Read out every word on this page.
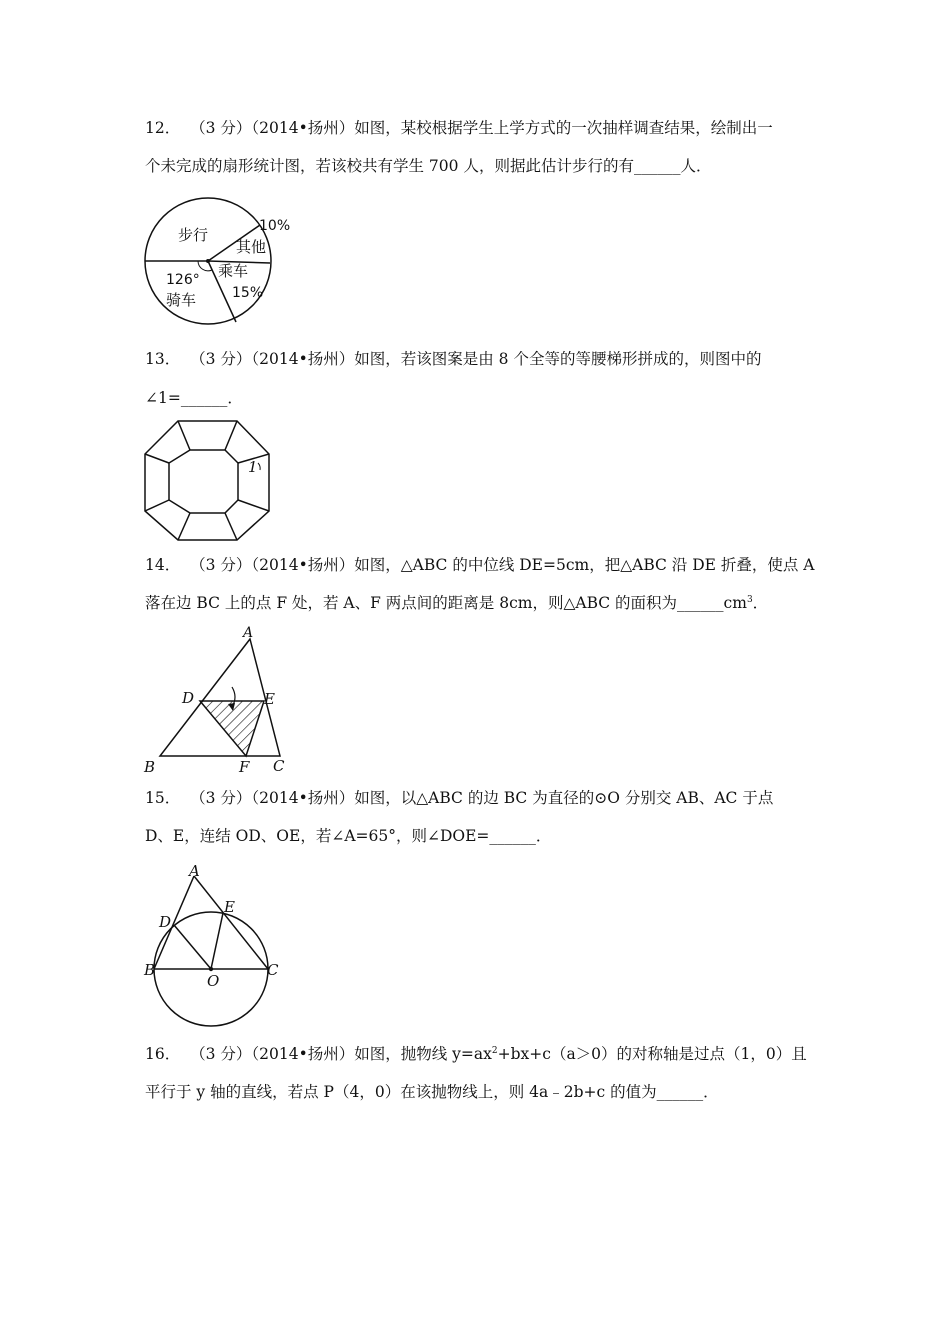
12． （3 分）（2014•扬州）如图，某校根据学生上学方式的一次抽样调查结果，绘制出一
个未完成的扇形统计图，若该校共有学生 700 人，则据此估计步行的有______人．
步行
其他
10%
乘车
126°
骑车	15%
13． （3 分）（2014•扬州）如图，若该图案是由 8 个全等的等腰梯形拼成的，则图中的
∠1=______．
1
14． （3 分）（2014•扬州）如图，△ABC 的中位线 DE=5cm，把△ABC 沿 DE 折叠，使点 A
落在边 BC 上的点 F 处，若 A、F 两点间的距离是 8cm，则△ABC 的面积为$\_\_\_\_\_\_cm^3$．
A
B	C
D	E
F
15． （3 分）（2014•扬州）如图，以△ABC 的边 BC 为直径的⊙O 分别交 AB、AC 于点
D、E，连结 OD、OE，若∠A=65°，则∠DOE=______．
A
B	C
D
E
O
16． （3 分）（2014•扬州）如图，抛物线 $y=ax^2+bx+c(a>0)$的对称轴是过点（1，0）且
平行于 y 轴的直线，若点 P（4，0）在该抛物线上，则 4a﹣2b+c 的值为______．
